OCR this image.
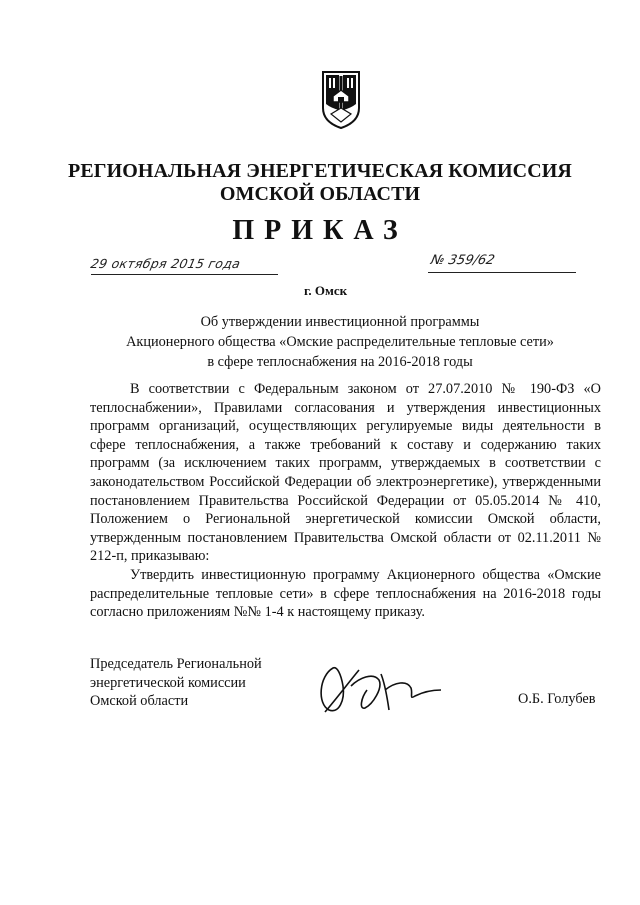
РЕГИОНАЛЬНАЯ ЭНЕРГЕТИЧЕСКАЯ КОМИССИЯ
ОМСКОЙ ОБЛАСТИ
ПРИКАЗ
29 октября 2015 года
г. Омск
№ 359/62
Об утверждении инвестиционной программы
Акционерного общества «Омские распределительные тепловые сети»
в сфере теплоснабжения на 2016-2018 годы

В соответствии с Федеральным законом от 27.07.2010 № 190-ФЗ «О теплоснабжении», Правилами согласования и утверждения инвестиционных программ организаций, осуществляющих регулируемые виды деятельности в сфере теплоснабжения, а также требований к составу и содержанию таких программ (за исключением таких программ, утверждаемых в соответствии с законодательством Российской Федерации об электроэнергетике), утвержденными постановлением Правительства Российской Федерации от 05.05.2014 № 410, Положением о Региональной энергетической комиссии Омской области, утвержденным постановлением Правительства Омской области от 02.11.2011 № 212-п, приказываю:

Утвердить инвестиционную программу Акционерного общества «Омские распределительные тепловые сети» в сфере теплоснабжения на 2016-2018 годы согласно приложениям №№ 1-4 к настоящему приказу.

Председатель Региональной
энергетической комиссии
Омской области	О.Б. Голубев
